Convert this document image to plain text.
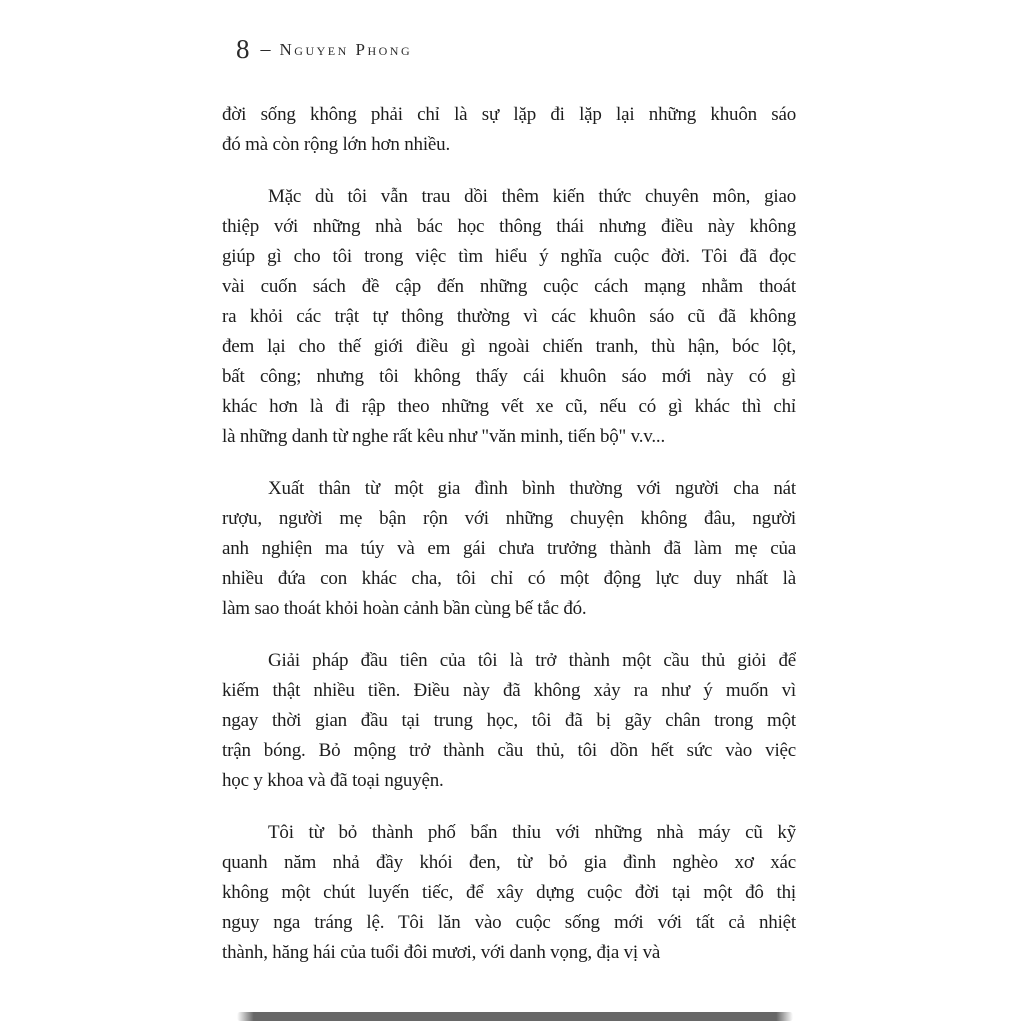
8 – Nguyen Phong
đời sống không phải chỉ là sự lặp đi lặp lại những khuôn sáo
đó mà còn rộng lớn hơn nhiều.
Mặc dù tôi vẫn trau dồi thêm kiến thức chuyên môn, giao
thiệp với những nhà bác học thông thái nhưng điều này không
giúp gì cho tôi trong việc tìm hiểu ý nghĩa cuộc đời. Tôi đã đọc
vài cuốn sách đề cập đến những cuộc cách mạng nhằm thoát
ra khỏi các trật tự thông thường vì các khuôn sáo cũ đã không
đem lại cho thế giới điều gì ngoài chiến tranh, thù hận, bóc lột,
bất công; nhưng tôi không thấy cái khuôn sáo mới này có gì
khác hơn là đi rập theo những vết xe cũ, nếu có gì khác thì chỉ
là những danh từ nghe rất kêu như "văn minh, tiến bộ" v.v...
Xuất thân từ một gia đình bình thường với người cha nát
rượu, người mẹ bận rộn với những chuyện không đâu, người
anh nghiện ma túy và em gái chưa trưởng thành đã làm mẹ của
nhiều đứa con khác cha, tôi chỉ có một động lực duy nhất là
làm sao thoát khỏi hoàn cảnh bần cùng bế tắc đó.
Giải pháp đầu tiên của tôi là trở thành một cầu thủ giỏi để
kiếm thật nhiều tiền. Điều này đã không xảy ra như ý muốn vì
ngay thời gian đầu tại trung học, tôi đã bị gãy chân trong một
trận bóng. Bỏ mộng trở thành cầu thủ, tôi dồn hết sức vào việc
học y khoa và đã toại nguyện.
Tôi từ bỏ thành phố bẩn thỉu với những nhà máy cũ kỹ
quanh năm nhả đầy khói đen, từ bỏ gia đình nghèo xơ xác
không một chút luyến tiếc, để xây dựng cuộc đời tại một đô thị
nguy nga tráng lệ. Tôi lăn vào cuộc sống mới với tất cả nhiệt
thành, hăng hái của tuổi đôi mươi, với danh vọng, địa vị và
